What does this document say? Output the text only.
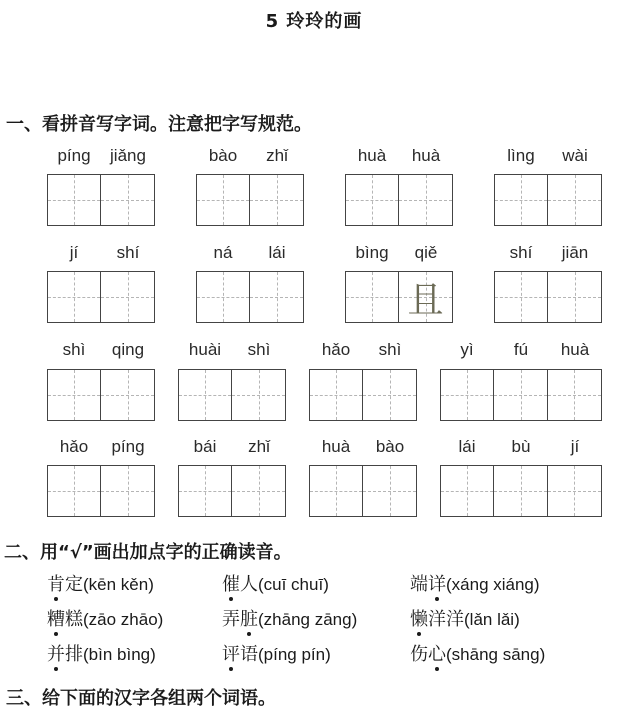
5 玲玲的画
一、看拼音写字词。注意把字写规范。
píng	jiǎng	bào	zhǐ	huà	huà	lìng	wài
jí	shí	ná	lái	bìng	qiě
且
shí	jiān
shì	qing	huài	shì	hǎo	shì	yì	fú	huà
hǎo	píng	bái	zhǐ	huà	bào	lái	bù	jí
二、用“√”画出加点字的正确读音。
肯定(kēn kěn)	催人(cuī chuī)	端详(xáng xiáng)
糟糕(zāo zhāo)	弄脏(zhāng zāng)	懒洋洋(lǎn lǎi)
并排(bìn bìng)	评语(píng pín)	伤心(shāng sāng)
三、给下面的汉字各组两个词语。
